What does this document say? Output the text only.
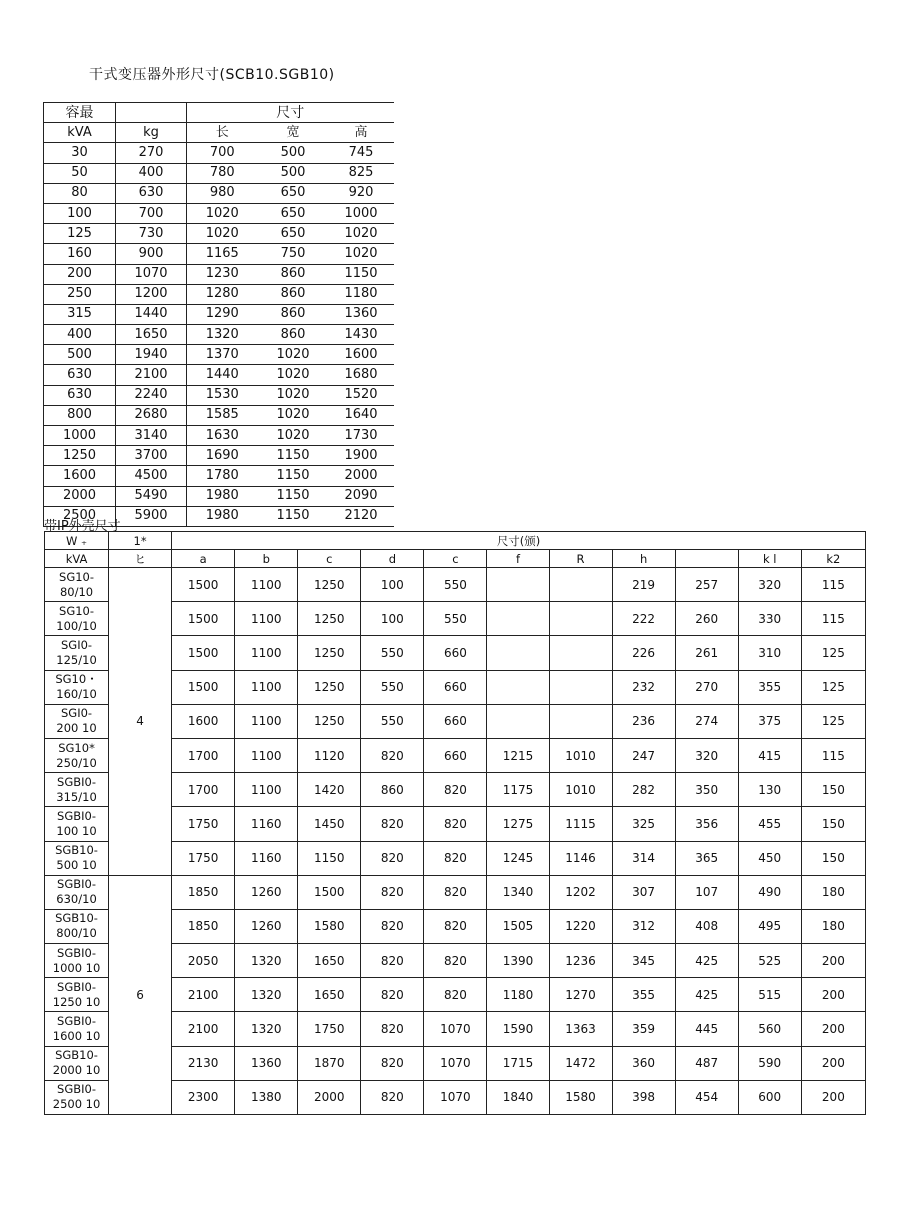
干式变压器外形尺寸(SCB10.SGB10)
容最		尺寸		
kVA	kg	长	宽	高
30	270	700	500	745
50	400	780	500	825
80	630	980	650	920
100	700	1020	650	1000
125	730	1020	650	1020
160	900	1165	750	1020
200	1070	1230	860	1150
250	1200	1280	860	1180
315	1440	1290	860	1360
400	1650	1320	860	1430
500	1940	1370	1020	1600
630	2100	1440	1020	1680
630	2240	1530	1020	1520
800	2680	1585	1020	1640
1000	3140	1630	1020	1730
1250	3700	1690	1150	1900
1600	4500	1780	1150	2000
2000	5490	1980	1150	2090
2500	5900	1980	1150	2120
带IP外壳尺寸
W ₊	1*	尺寸(颁)										
kVA	ヒ	a	b	c	d	c	f	R	h		k l	k2

SG10-
80/10	4	1500	1100	1250	100	550			219	257	320	115

SG10-
100/10		1500	1100	1250	100	550			222	260	330	115

SGI0-
125/10		1500	1100	1250	550	660			226	261	310	125

SG10・
160/10		1500	1100	1250	550	660			232	270	355	125

SGI0-
200 10		1600	1100	1250	550	660			236	274	375	125

SG10*
250/10		1700	1100	1120	820	660	1215	1010	247	320	415	115

SGBI0-
315/10		1700	1100	1420	860	820	1175	1010	282	350	130	150

SGBI0-
100 10		1750	1160	1450	820	820	1275	1115	325	356	455	150

SGB10-
500 10		1750	1160	1150	820	820	1245	1146	314	365	450	150

SGBI0-
630/10	6	1850	1260	1500	820	820	1340	1202	307	107	490	180

SGB10-
800/10		1850	1260	1580	820	820	1505	1220	312	408	495	180

SGBI0-
1000 10		2050	1320	1650	820	820	1390	1236	345	425	525	200

SGBI0-
1250 10		2100	1320	1650	820	820	1180	1270	355	425	515	200

SGBI0-
1600 10		2100	1320	1750	820	1070	1590	1363	359	445	560	200

SGB10-
2000 10		2130	1360	1870	820	1070	1715	1472	360	487	590	200

SGBI0-
2500 10		2300	1380	2000	820	1070	1840	1580	398	454	600	200
